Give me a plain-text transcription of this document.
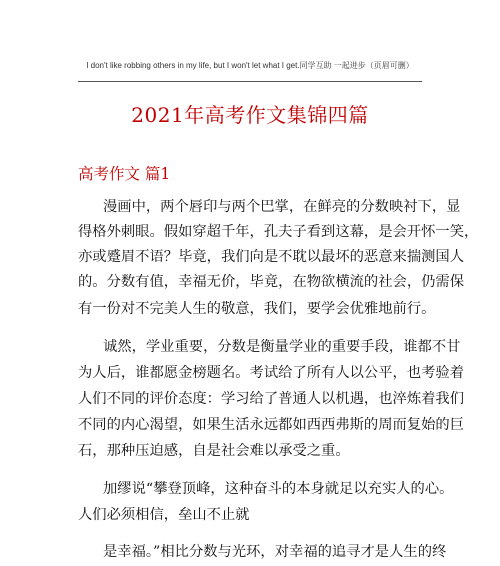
I don't like robbing others in my life, but I won't let what I get.同学互助 一起进步（页眉可删）
2021年高考作文集锦四篇
高考作文 篇1
漫画中，两个唇印与两个巴掌，在鲜亮的分数映衬下，显
得格外刺眼。假如穿超千年，孔夫子看到这幕，是会开怀一笑，
亦或蹙眉不语？毕竟，我们向是不耽以最坏的恶意来揣测国人
的。分数有值，幸福无价，毕竟，在物欲横流的社会，仍需保
有一份对不完美人生的敬意，我们，要学会优雅地前行。
诚然，学业重要，分数是衡量学业的重要手段，谁都不甘
为人后，谁都愿金榜题名。考试给了所有人以公平，也考验着
人们不同的评价态度：学习给了普通人以机遇，也淬炼着我们
不同的内心渴望，如果生活永远都如西西弗斯的周而复始的巨
石，那种压迫感，自是社会难以承受之重。
加缪说“攀登顶峰，这种奋斗的本身就足以充实人的心。
人们必须相信，垒山不止就
是幸福。”相比分数与光环，对幸福的追寻才是人生的终
